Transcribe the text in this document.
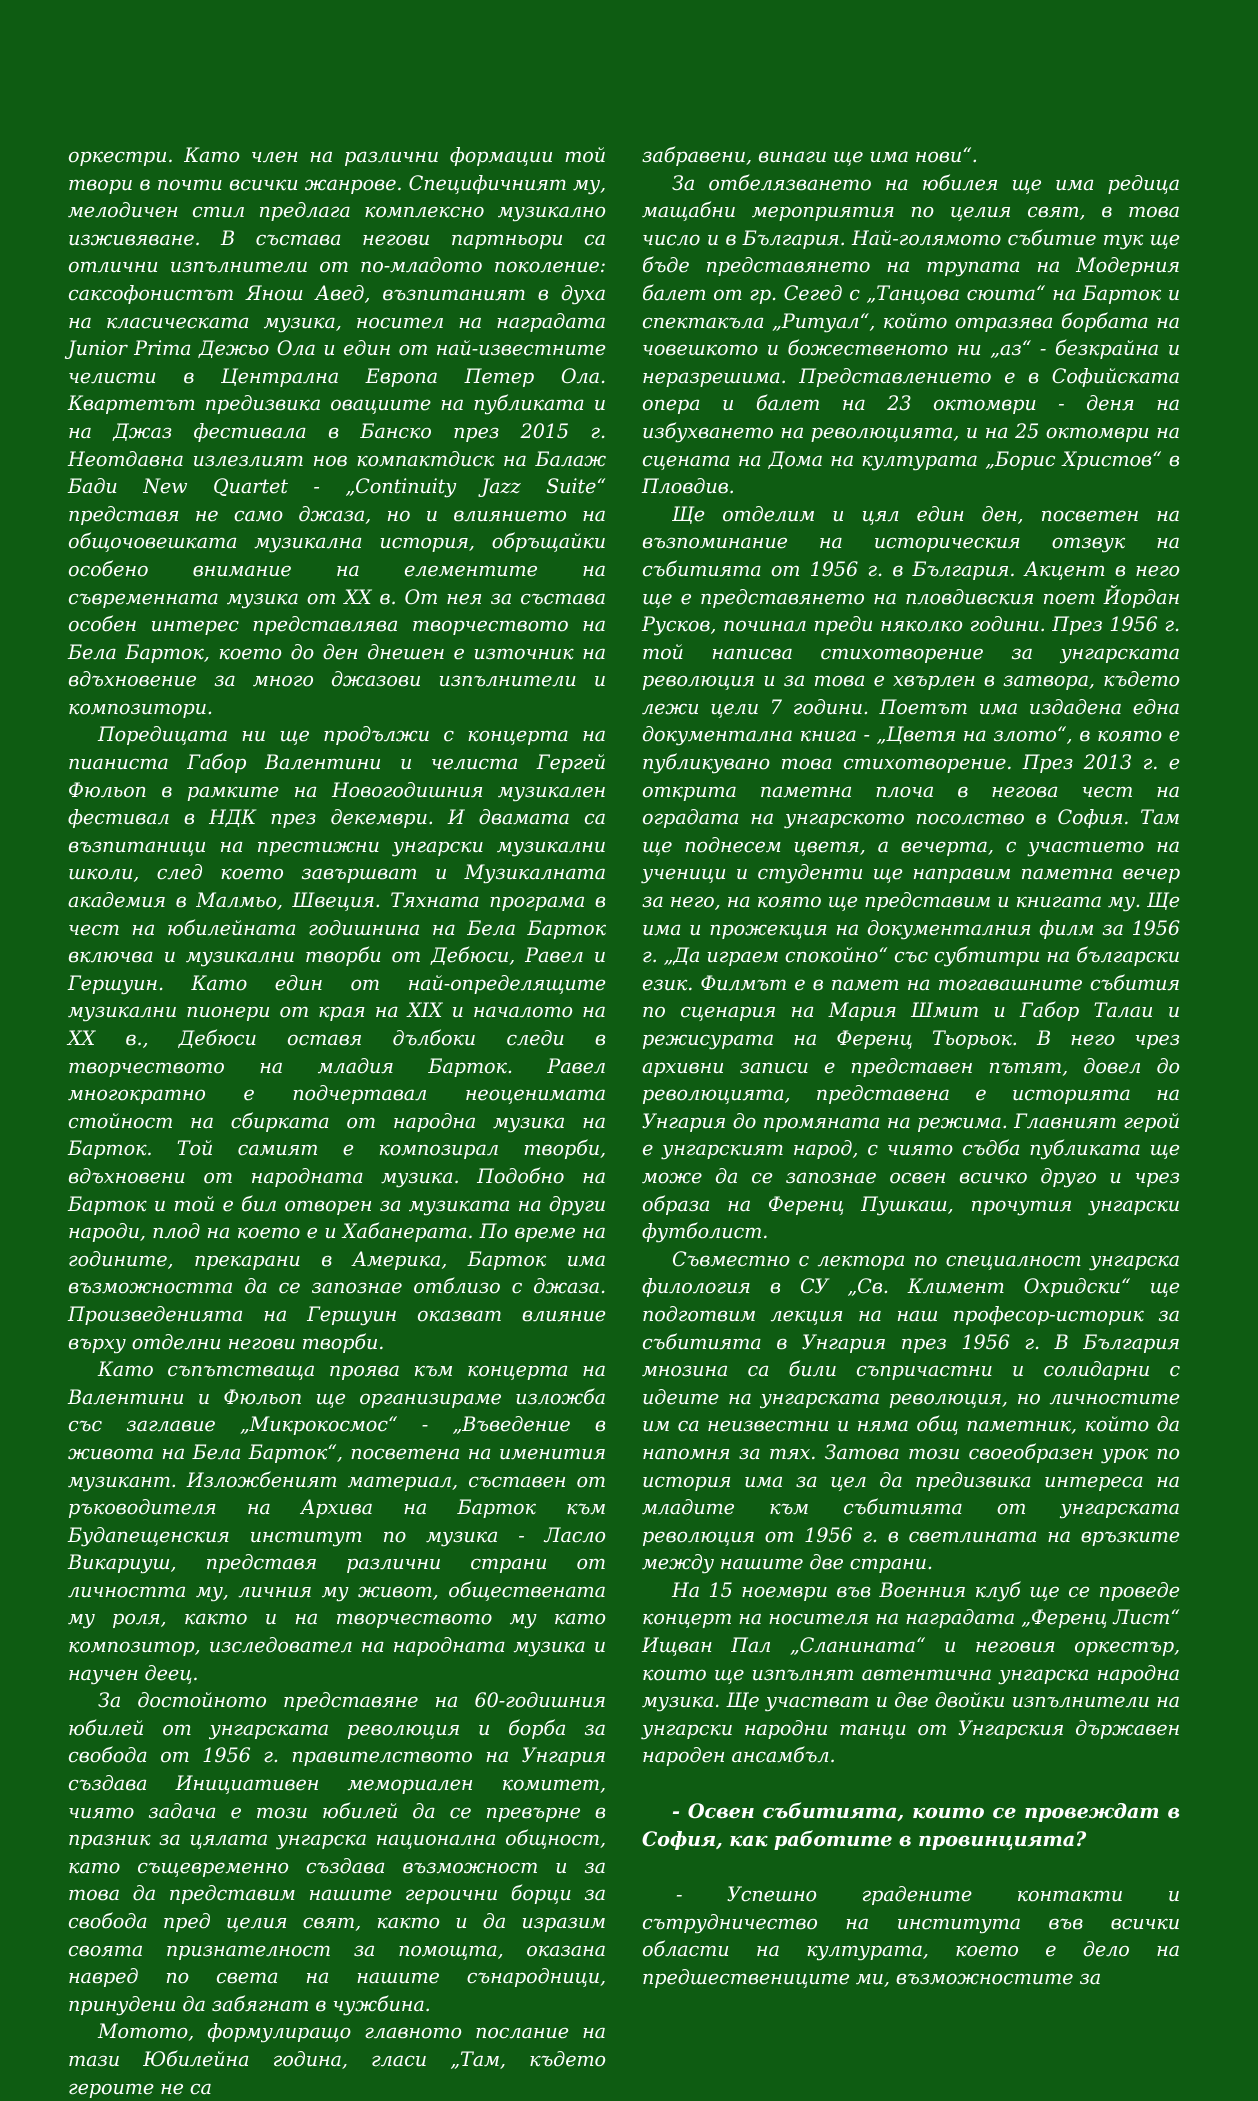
оркестри. Като член на различни формации той твори в почти всички жанрове. Специфичният му, мелодичен стил предлага комплексно музикално изживяване. В състава негови партньори са отлични изпълнители от по-младото поколение: саксофонистът Янош Авед, възпитаният в духа на класическата музика, носител на наградата Junior Prima Дежьо Ола и един от най-известните челисти в Централна Европа Петер Ола. Квартетът предизвика овациите на публиката и на Джаз фестивала в Банско през 2015 г. Неотдавна излезлият нов компактдиск на Балаж Бадu New Quartet - „Continuity Jazz Suite“ представя не само джаза, но и влиянието на общочовешката музикална история, обръщайки особено внимание на елементите на съвременната музика от XX в. От нея за състава особен интерес представлява творчеството на Бела Барток, което до ден днешен е източник на вдъхновение за много джазови изпълнители и композитори.

Поредицата ни ще продължи с концерта на пианиста Габор Валентини и челиста Гергей Фюльоп в рамките на Новогодишния музикален фестивал в НДК през декември. И двамата са възпитаници на престижни унгарски музикални школи, след което завършват и Музикалната академия в Малмьо, Швеция. Тяхната програма в чест на юбилейната годишнина на Бела Барток включва и музикални творби от Дебюси, Равел и Гершуин. Като един от най-определящите музикални пионери от края на XIX и началото на XX в., Дебюси оставя дълбоки следи в творчеството на младия Барток. Равел многократно е подчертавал неоценимата стойност на сбирката от народна музика на Барток. Той самият е композирал творби, вдъхновени от народната музика. Подобно на Барток и той е бил отворен за музиката на други народи, плод на което е и Хабанерата. По време на годините, прекарани в Америка, Барток има възможността да се запознае отблизо с джаза. Произведенията на Гершуин оказват влияние върху отделни негови творби.

Като съпътстваща проява към концерта на Валентини и Фюльоп ще организираме изложба със заглавие „Микрокосмос“ - „Въведение в живота на Бела Барток“, посветена на именития музикант. Изложбеният материал, съставен от ръководителя на Архива на Барток към Будапещенския институт по музика - Ласло Викариуш, представя различни страни от личността му, личния му живот, обществената му роля, както и на творчеството му като композитор, изследовател на народната музика и научен деец.

За достойното представяне на 60-годишния юбилей от унгарската революция и борба за свобода от 1956 г. правителството на Унгария създава Инициативен мемориален комитет, чиято задача е този юбилей да се превърне в празник за цялата унгарска национална общност, като същевременно създава възможност и за това да представим нашите героични борци за свобода пред целия свят, както и да изразим своята признателност за помощта, оказана навред по света на нашите сънародници, принудени да забягнат в чужбина.

Мотото, формулиращо главното послание на тази Юбилейна година, гласи „Там, където героите не са

забравени, винаги ще има нови“.

За отбелязването на юбилея ще има редица мащабни мероприятия по целия свят, в това число и в България. Най-голямото събитие тук ще бъде представянето на трупата на Модерния балет от гр. Сегед с „Танцова сюита“ на Барток и спектакъла „Ритуал“, който отразява борбата на човешкото и божественото ни „аз“ - безкрайна и неразрешима. Представлението е в Софийската опера и балет на 23 октомври - деня на избухването на революцията, и на 25 октомври на сцената на Дома на културата „Борис Христов“ в Пловдив.

Ще отделим и цял един ден, посветен на възпоминание на историческия отзвук на събитията от 1956 г. в България. Акцент в него ще е представянето на пловдивския поет Йордан Русков, починал преди няколко години. През 1956 г. той написва стихотворение за унгарската революция и за това е хвърлен в затвора, където лежи цели 7 години. Поетът има издадена една документална книга - „Цветя на злото“, в която е публикувано това стихотворение. През 2013 г. е открита паметна плоча в негова чест на оградата на унгарското посолство в София. Там ще поднесем цветя, а вечерта, с участието на ученици и студенти ще направим паметна вечер за него, на която ще представим и книгата му. Ще има и прожекция на документалния филм за 1956 г. „Да играем спокойно“ със субтитри на български език. Филмът е в памет на тогавашните събития по сценария на Мария Шмит и Габор Талаи и режисурата на Ференц Тьорьок. В него чрез архивни записи е представен пътят, довел до революцията, представена е историята на Унгария до промяната на режима. Главният герой е унгарският народ, с чиято съдба публиката ще може да се запознае освен всичко друго и чрез образа на Ференц Пушкаш, прочутия унгарски футболист.

Съвместно с лектора по специалност унгарска филология в СУ „Св. Климент Охридски“ ще подготвим лекция на наш професор-историк за събитията в Унгария през 1956 г. В България мнозина са били съпричастни и солидарни с идеите на унгарската революция, но личностите им са неизвестни и няма общ паметник, който да напомня за тях. Затова този своеобразен урок по история има за цел да предизвика интереса на младите към събитията от унгарската революция от 1956 г. в светлината на връзките между нашите две страни.

На 15 ноември във Военния клуб ще се проведе концерт на носителя на наградата „Ференц Лист“ Ищван Пал „Сланината“ и неговия оркестър, които ще изпълнят автентична унгарска народна музика. Ще участват и две двойки изпълнители на унгарски народни танци от Унгарския държавен народен ансамбъл.

- Освен събитията, които се провеждат в София, как работите в провинцията?

- Успешно градените контакти и сътрудничество на института във всички области на културата, което е дело на предшествениците ми, възможностите за
